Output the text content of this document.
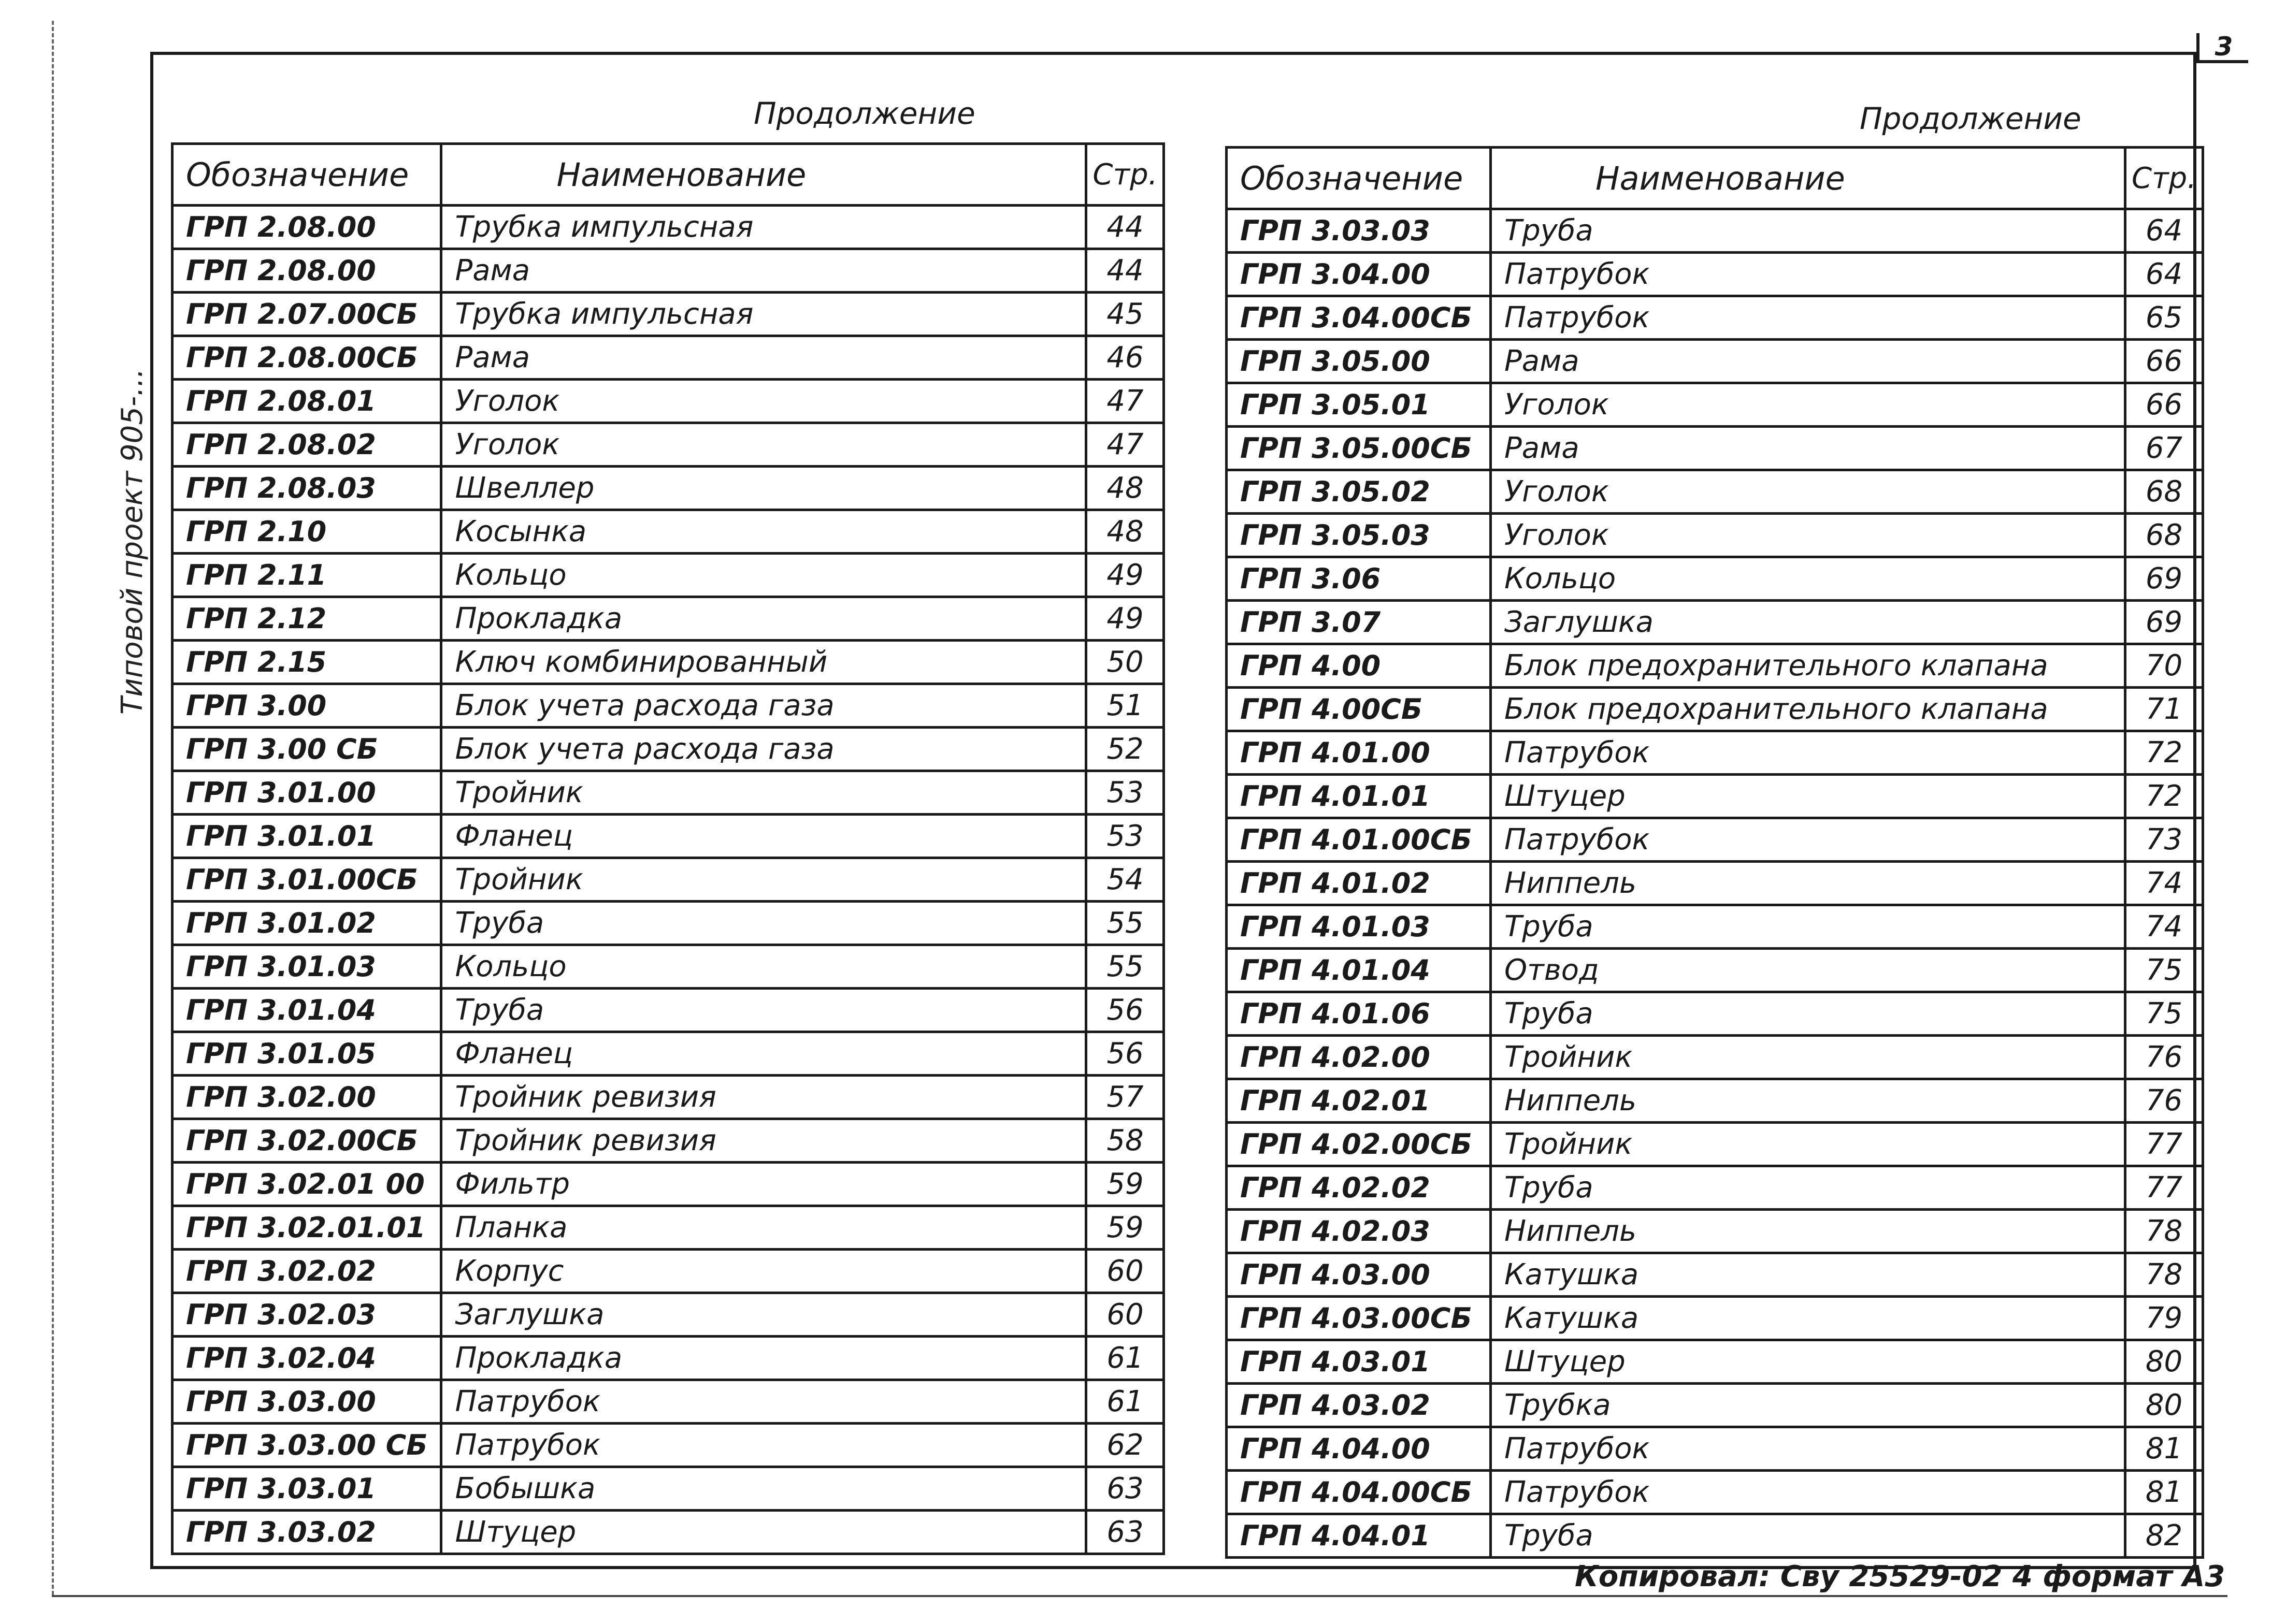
Типовой проект 905-...
3
Продолжение	Продолжение
Обозначение	Наименование	Стр.
ГРП 2.08.00	Трубка импульсная	44
ГРП 2.08.00	Рама	44
ГРП 2.07.00СБ	Трубка импульсная	45
ГРП 2.08.00СБ	Рама	46
ГРП 2.08.01	Уголок	47
ГРП 2.08.02	Уголок	47
ГРП 2.08.03	Швеллер	48
ГРП 2.10	Косынка	48
ГРП 2.11	Кольцо	49
ГРП 2.12	Прокладка	49
ГРП 2.15	Ключ комбинированный	50
ГРП 3.00	Блок учета расхода газа	51
ГРП 3.00 СБ	Блок учета расхода газа	52
ГРП 3.01.00	Тройник	53
ГРП 3.01.01	Фланец	53
ГРП 3.01.00СБ	Тройник	54
ГРП 3.01.02	Труба	55
ГРП 3.01.03	Кольцо	55
ГРП 3.01.04	Труба	56
ГРП 3.01.05	Фланец	56
ГРП 3.02.00	Тройник ревизия	57
ГРП 3.02.00СБ	Тройник ревизия	58
ГРП 3.02.01 00	Фильтр	59
ГРП 3.02.01.01	Планка	59
ГРП 3.02.02	Корпус	60
ГРП 3.02.03	Заглушка	60
ГРП 3.02.04	Прокладка	61
ГРП 3.03.00	Патрубок	61
ГРП 3.03.00 СБ	Патрубок	62
ГРП 3.03.01	Бобышка	63
ГРП 3.03.02	Штуцер	63
Обозначение	Наименование	Стр.
ГРП 3.03.03	Труба	64
ГРП 3.04.00	Патрубок	64
ГРП 3.04.00СБ	Патрубок	65
ГРП 3.05.00	Рама	66
ГРП 3.05.01	Уголок	66
ГРП 3.05.00СБ	Рама	67
ГРП 3.05.02	Уголок	68
ГРП 3.05.03	Уголок	68
ГРП 3.06	Кольцо	69
ГРП 3.07	Заглушка	69
ГРП 4.00	Блок предохранительного клапана	70
ГРП 4.00СБ	Блок предохранительного клапана	71
ГРП 4.01.00	Патрубок	72
ГРП 4.01.01	Штуцер	72
ГРП 4.01.00СБ	Патрубок	73
ГРП 4.01.02	Ниппель	74
ГРП 4.01.03	Труба	74
ГРП 4.01.04	Отвод	75
ГРП 4.01.06	Труба	75
ГРП 4.02.00	Тройник	76
ГРП 4.02.01	Ниппель	76
ГРП 4.02.00СБ	Тройник	77
ГРП 4.02.02	Труба	77
ГРП 4.02.03	Ниппель	78
ГРП 4.03.00	Катушка	78
ГРП 4.03.00СБ	Катушка	79
ГРП 4.03.01	Штуцер	80
ГРП 4.03.02	Трубка	80
ГРП 4.04.00	Патрубок	81
ГРП 4.04.00СБ	Патрубок	81
ГРП 4.04.01	Труба	82
Копировал: Сву 25529-02 4 формат А3
